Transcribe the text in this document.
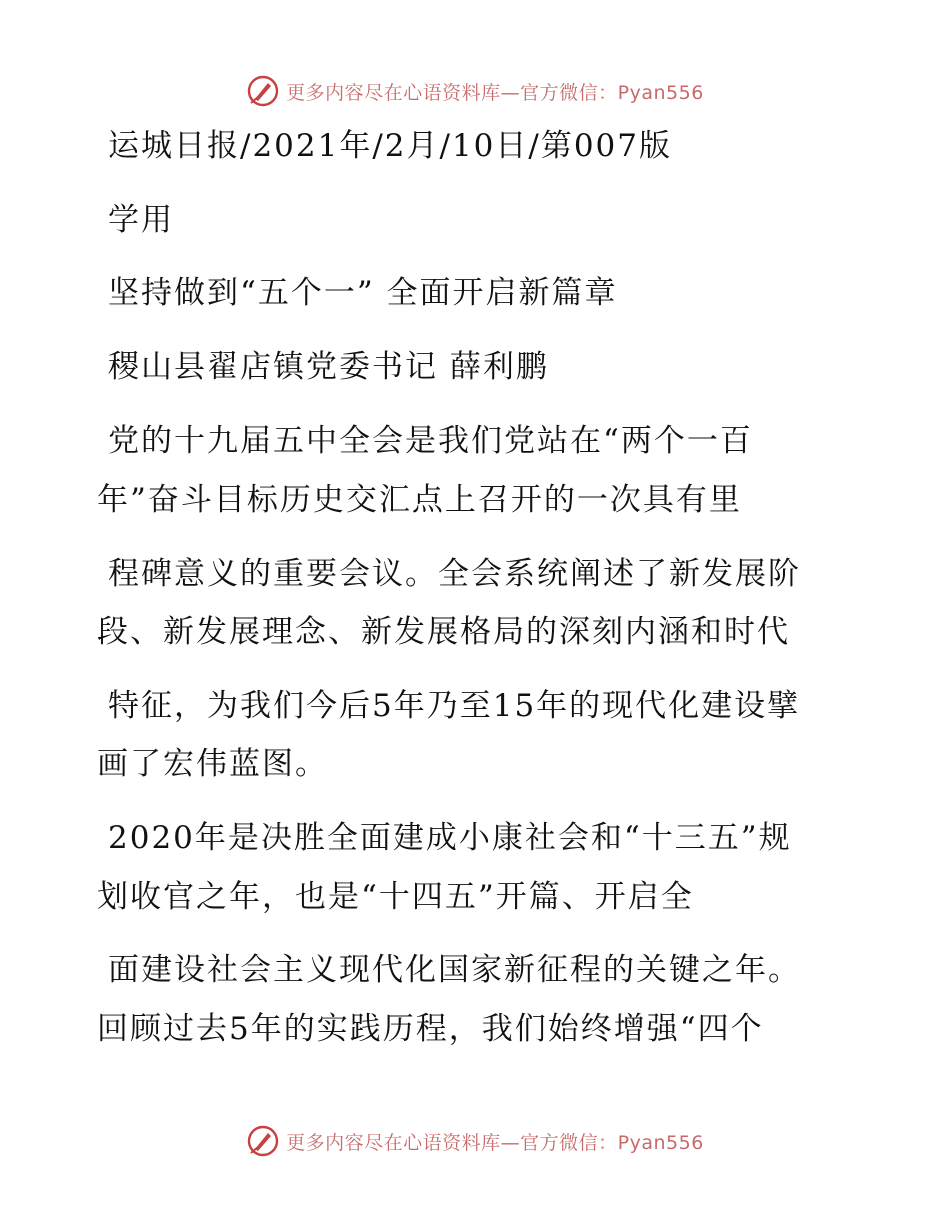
更多内容尽在心语资料库—官方微信：Pyan556
运城日报/2021年/2月/10日/第007版
学用
坚持做到“五个一” 全面开启新篇章
稷山县翟店镇党委书记 薛利鹏
党的十九届五中全会是我们党站在“两个一百
年”奋斗目标历史交汇点上召开的一次具有里
程碑意义的重要会议。全会系统阐述了新发展阶
段、新发展理念、新发展格局的深刻内涵和时代
特征，为我们今后5年乃至15年的现代化建设擘
画了宏伟蓝图。
2020年是决胜全面建成小康社会和“十三五”规
划收官之年，也是“十四五”开篇、开启全
面建设社会主义现代化国家新征程的关键之年。
回顾过去5年的实践历程，我们始终增强“四个
更多内容尽在心语资料库—官方微信：Pyan556
